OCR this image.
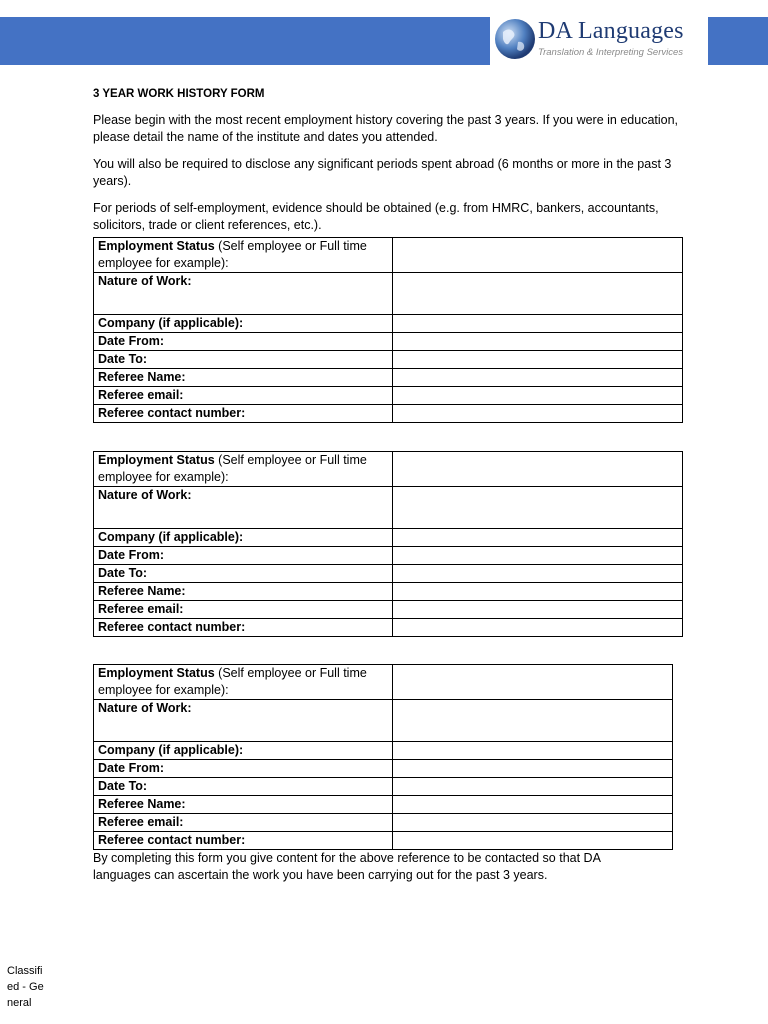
DA Languages
Translation & Interpreting Services
3 YEAR WORK HISTORY FORM

Please begin with the most recent employment history covering the past 3 years. If you were in education, please detail the name of the institute and dates you attended.

You will also be required to disclose any significant periods spent abroad (6 months or more in the past 3 years).

For periods of self-employment, evidence should be obtained (e.g. from HMRC, bankers, accountants, solicitors, trade or client references, etc.).

Employment Status (Self employee or Full time employee for example):	
Nature of Work:	
Company (if applicable):	
Date From:	
Date To:	
Referee Name:	
Referee email:	
Referee contact number:	
Employment Status (Self employee or Full time employee for example):	
Nature of Work:	
Company (if applicable):	
Date From:	
Date To:	
Referee Name:	
Referee email:	
Referee contact number:	
Employment Status (Self employee or Full time employee for example):	
Nature of Work:	
Company (if applicable):	
Date From:	
Date To:	
Referee Name:	
Referee email:	
Referee contact number:	

By completing this form you give content for the above reference to be contacted so that DA languages can ascertain the work you have been carrying out for the past 3 years.

Classified - General
